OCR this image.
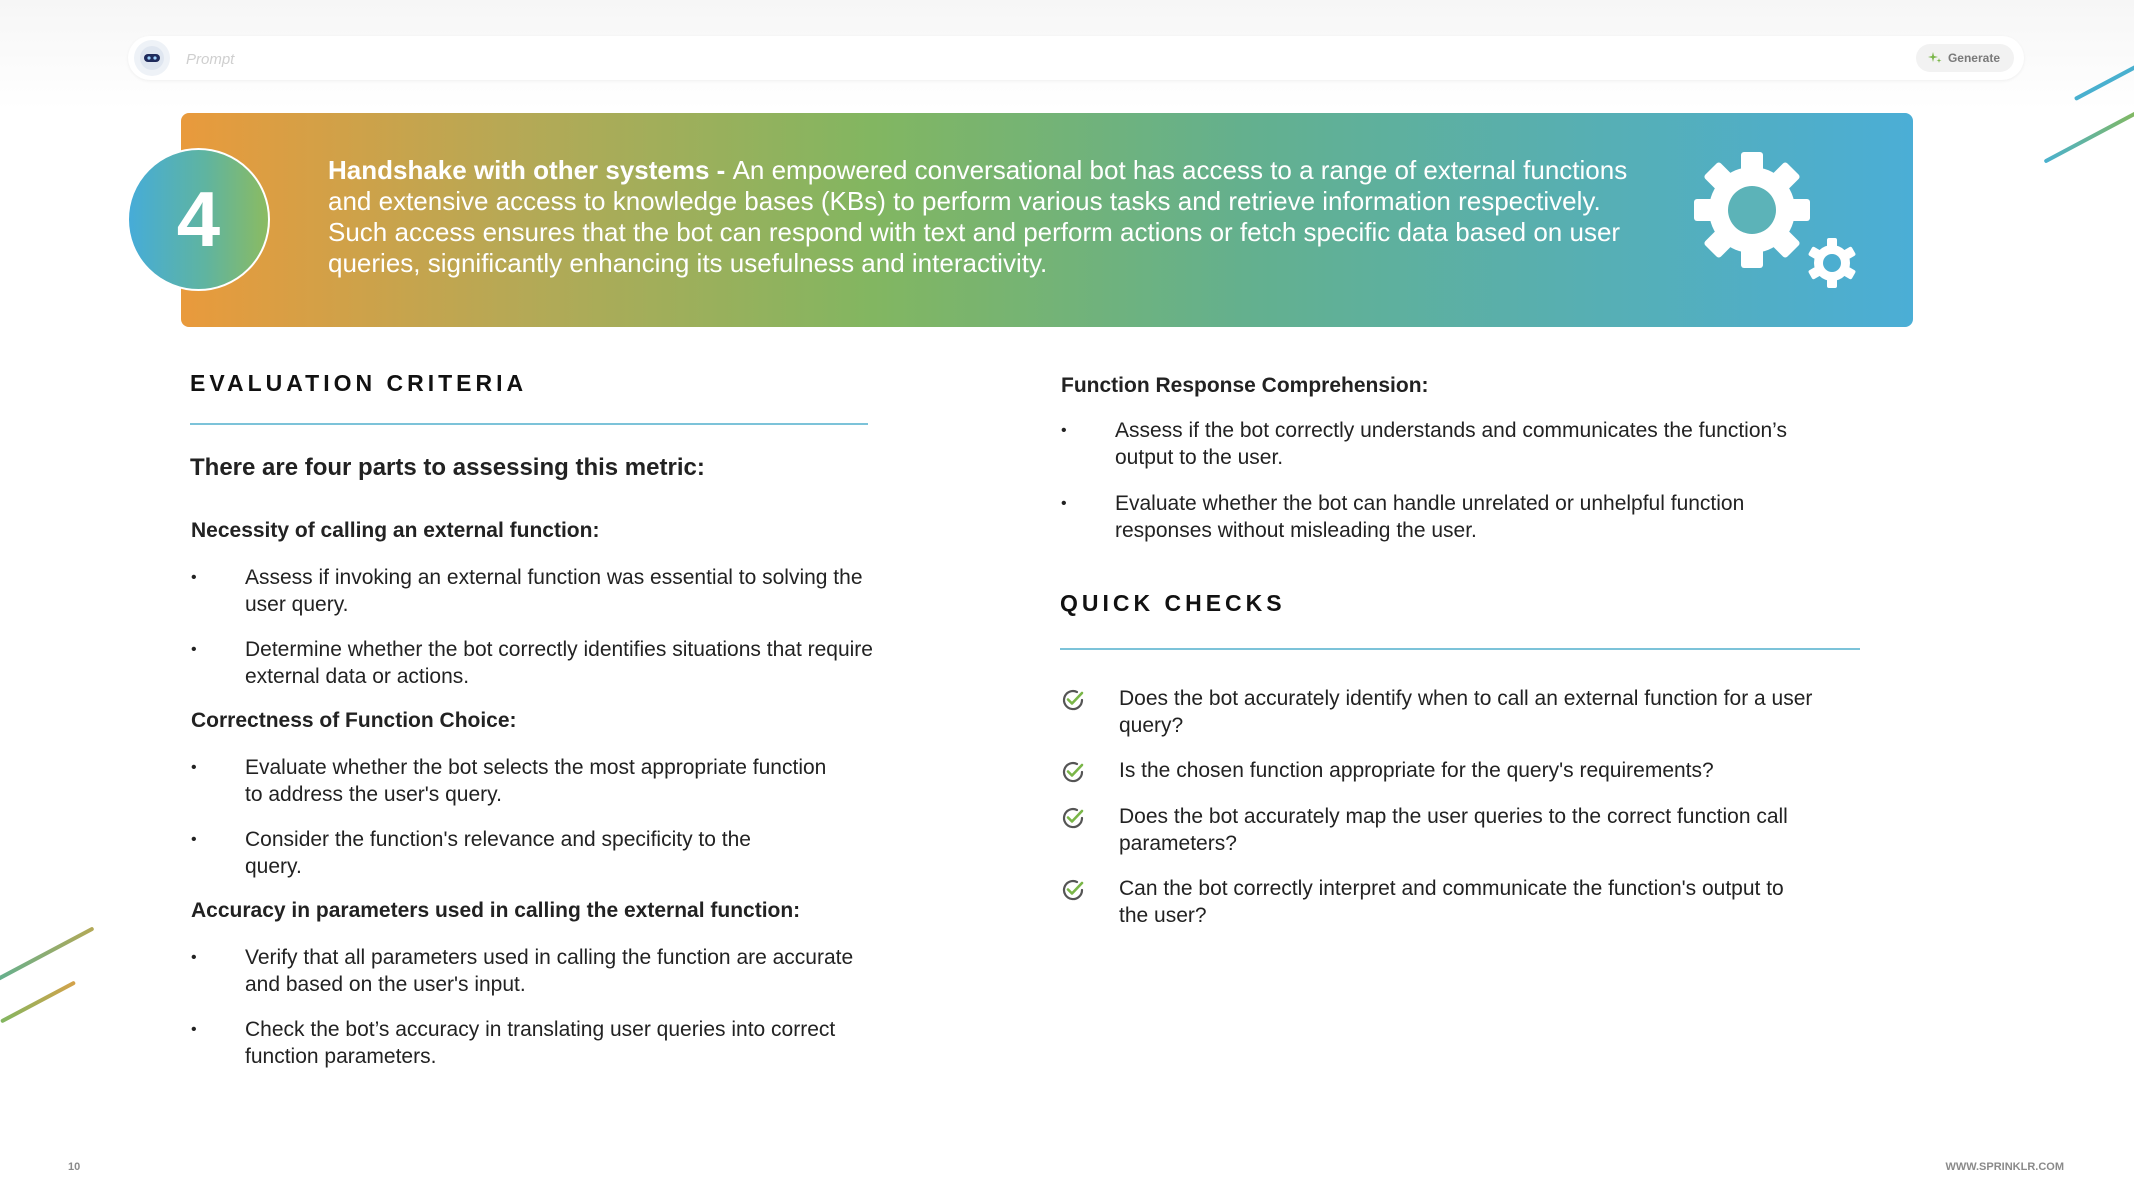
Prompt
Generate
4
Handshake with other systems - An empowered conversational bot has access to a range of external functions and extensive access to knowledge bases (KBs) to perform various tasks and retrieve information respectively. Such access ensures that the bot can respond with text and perform actions or fetch specific data based on user queries, significantly enhancing its usefulness and interactivity.
EVALUATION CRITERIA
There are four parts to assessing this metric:
Necessity of calling an external function:
• Assess if invoking an external function was essential to solving the user query.
• Determine whether the bot correctly identifies situations that require external data or actions.
Correctness of Function Choice:
• Evaluate whether the bot selects the most appropriate function to address the user's query.
• Consider the function's relevance and specificity to the query.
Accuracy in parameters used in calling the external function:
• Verify that all parameters used in calling the function are accurate and based on the user's input.
• Check the bot’s accuracy in translating user queries into correct function parameters.
Function Response Comprehension:
• Assess if the bot correctly understands and communicates the function’s output to the user.
• Evaluate whether the bot can handle unrelated or unhelpful function responses without misleading the user.
QUICK CHECKS
Does the bot accurately identify when to call an external function for a user query?
Is the chosen function appropriate for the query's requirements?
Does the bot accurately map the user queries to the correct function call parameters?
Can the bot correctly interpret and communicate the function's output to the user?
10	WWW.SPRINKLR.COM
